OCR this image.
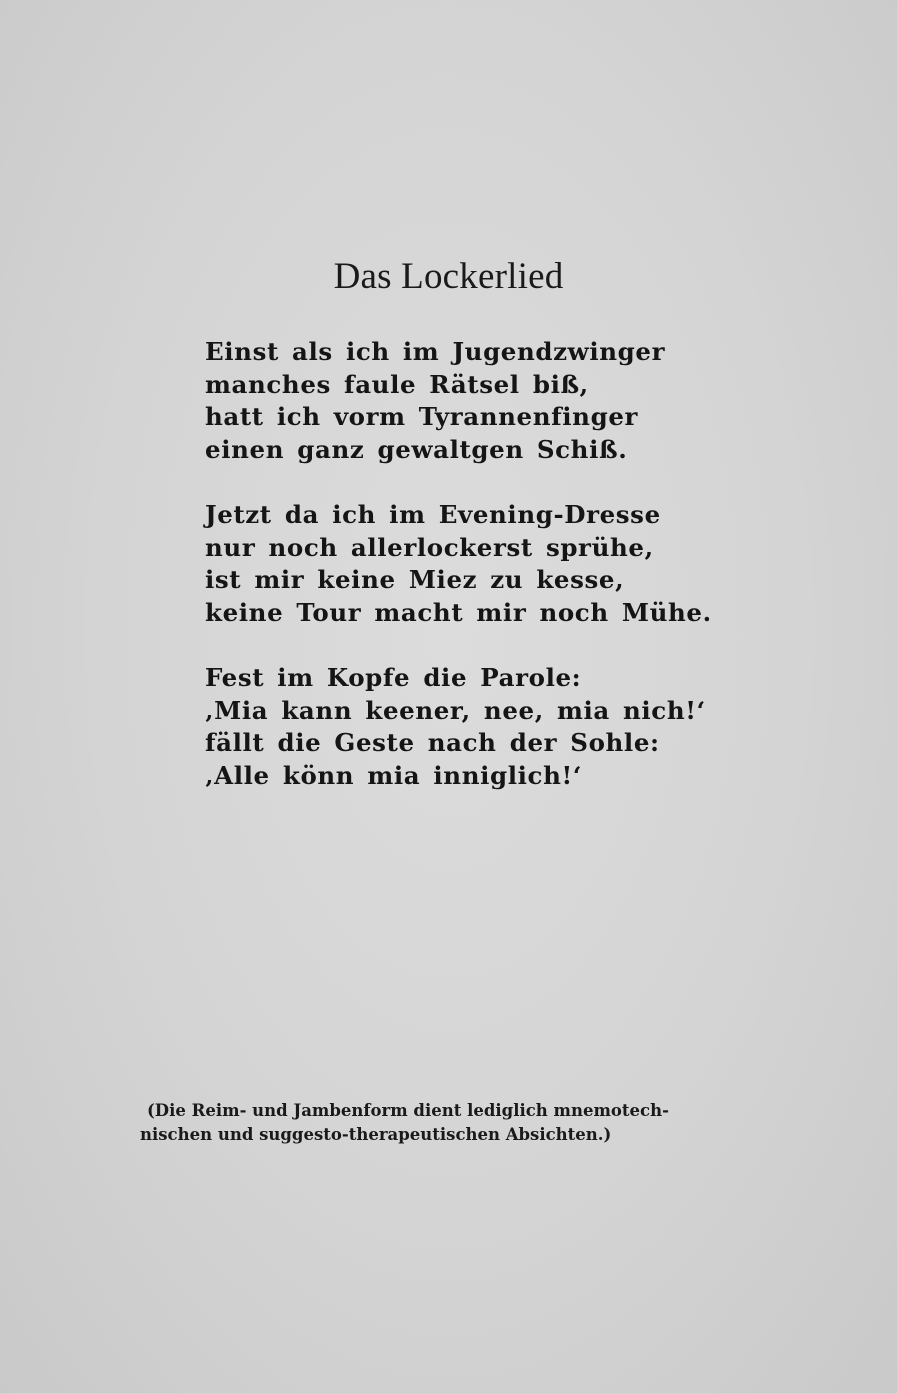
Das Lockerlied
Einst als ich im Jugendzwinger
manches faule Rätsel biß,
hatt ich vorm Tyrannenfinger
einen ganz gewaltgen Schiß.
Jetzt da ich im Evening-Dresse
nur noch allerlockerst sprühe,
ist mir keine Miez zu kesse,
keine Tour macht mir noch Mühe.
Fest im Kopfe die Parole:
‚Mia kann keener, nee, mia nich!‘
fällt die Geste nach der Sohle:
‚Alle könn mia inniglich!‘

(Die Reim- und Jambenform dient lediglich mnemotech-
nischen und suggesto-therapeutischen Absichten.)
